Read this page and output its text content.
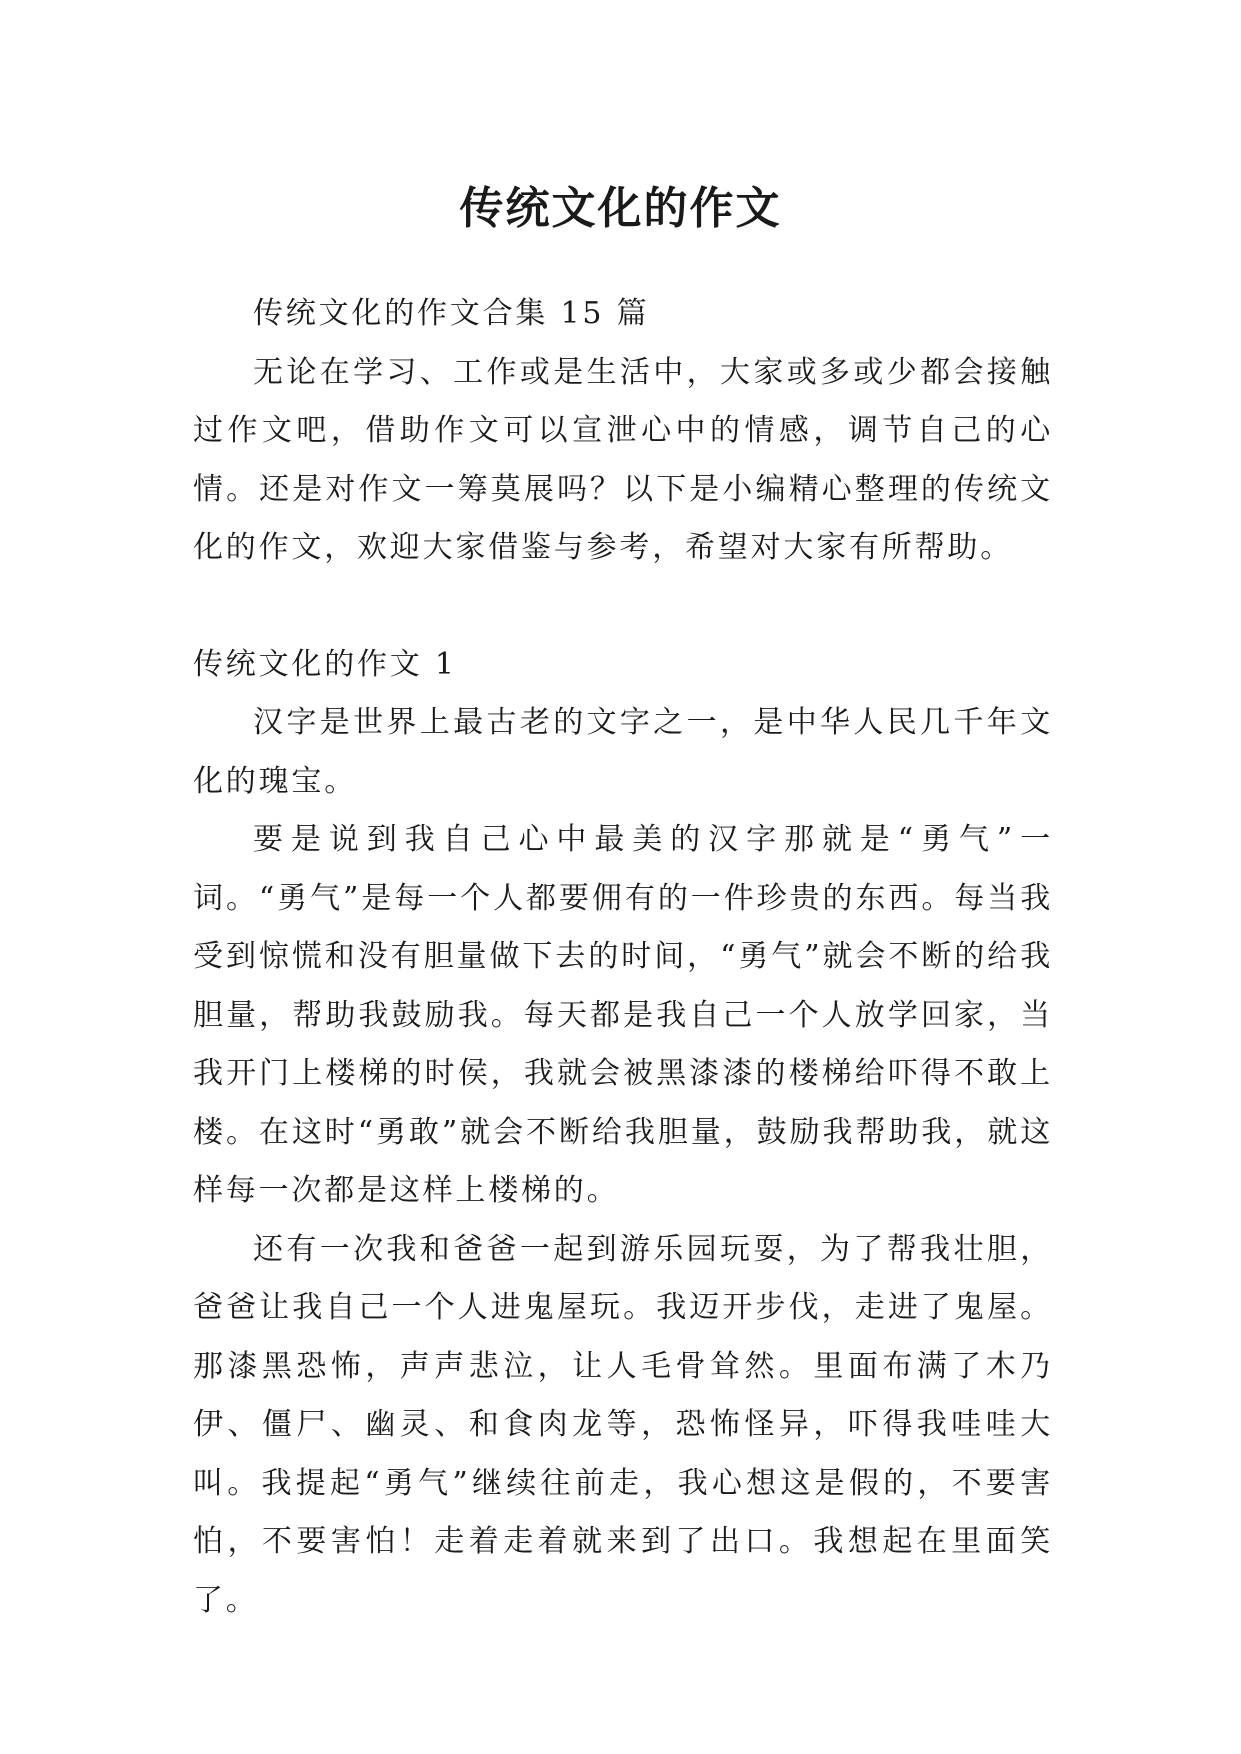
传统文化的作文

传统文化的作文合集 15 篇

无论在学习、工作或是生活中，大家或多或少都会接触过作文吧，借助作文可以宣泄心中的情感，调节自己的心情。还是对作文一筹莫展吗？以下是小编精心整理的传统文化的作文，欢迎大家借鉴与参考，希望对大家有所帮助。

传统文化的作文 1

汉字是世界上最古老的文字之一，是中华人民几千年文化的瑰宝。

要是说到我自己心中最美的汉字那就是“勇气”一词。“勇气”是每一个人都要佣有的一件珍贵的东西。每当我受到惊慌和没有胆量做下去的时间，“勇气”就会不断的给我胆量，帮助我鼓励我。每天都是我自己一个人放学回家，当我开门上楼梯的时侯，我就会被黑漆漆的楼梯给吓得不敢上楼。在这时“勇敢”就会不断给我胆量，鼓励我帮助我，就这样每一次都是这样上楼梯的。

还有一次我和爸爸一起到游乐园玩耍，为了帮我壮胆，爸爸让我自己一个人进鬼屋玩。我迈开步伐，走进了鬼屋。那漆黑恐怖，声声悲泣，让人毛骨耸然。里面布满了木乃伊、僵尸、幽灵、和食肉龙等，恐怖怪异，吓得我哇哇大叫。我提起“勇气”继续往前走，我心想这是假的，不要害怕，不要害怕！走着走着就来到了出口。我想起在里面笑了。
